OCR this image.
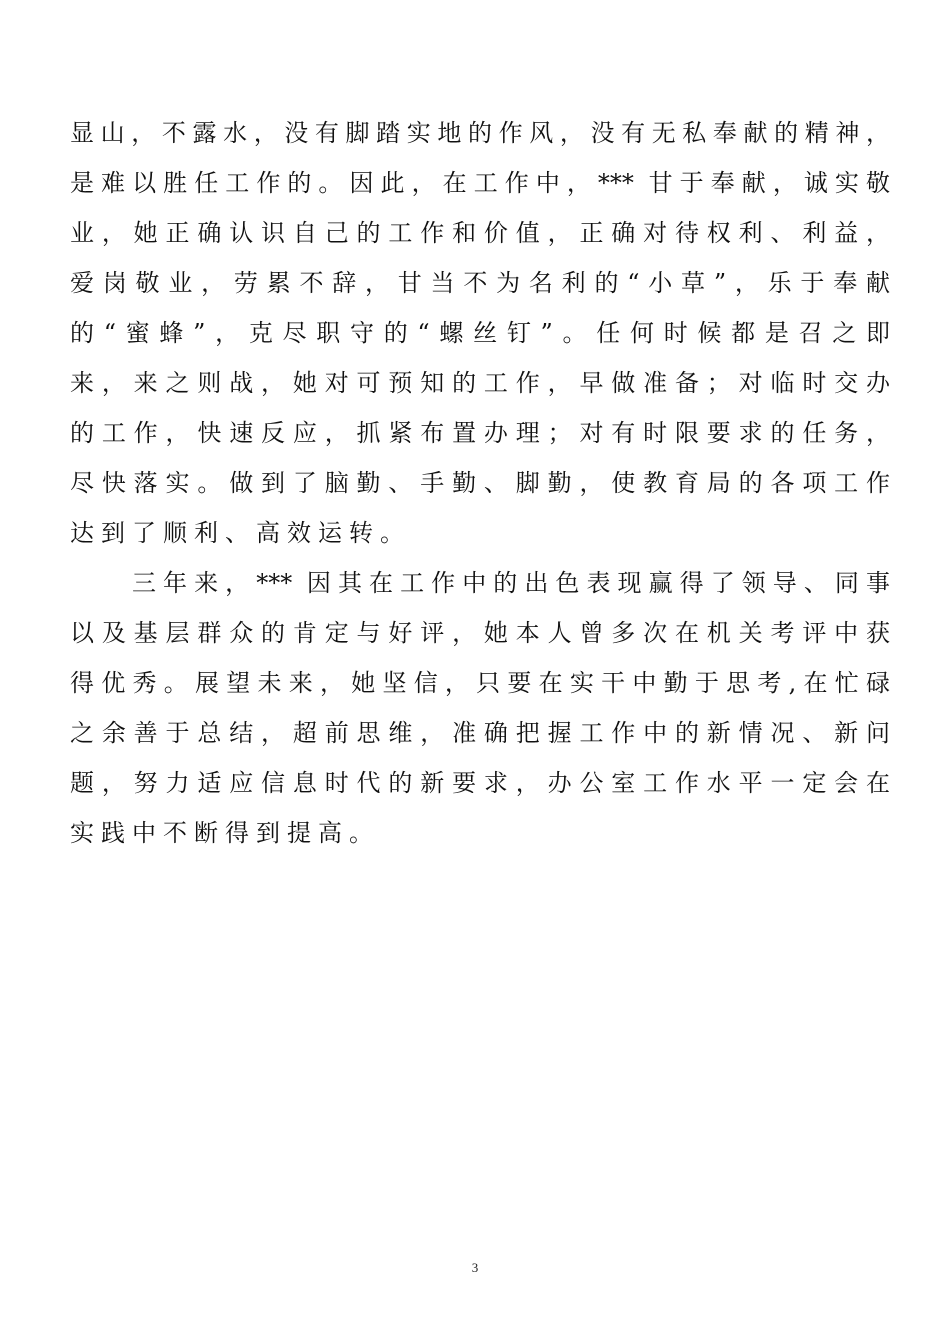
显山，不露水，没有脚踏实地的作风，没有无私奉献的精神，
是难以胜任工作的。因此，在工作中，*** 甘于奉献，诚实敬
业，她正确认识自己的工作和价值，正确对待权利、利益，
爱岗敬业，劳累不辞，甘当不为名利的“小草”，乐于奉献
的“蜜蜂”，克尽职守的“螺丝钉”。任何时候都是召之即
来，来之则战，她对可预知的工作，早做准备；对临时交办
的工作，快速反应，抓紧布置办理；对有时限要求的任务，
尽快落实。做到了脑勤、手勤、脚勤，使教育局的各项工作
达到了顺利、高效运转。
三年来，*** 因其在工作中的出色表现赢得了领导、同事
以及基层群众的肯定与好评，她本人曾多次在机关考评中获
得优秀。展望未来，她坚信，只要在实干中勤于思考,在忙碌
之余善于总结，超前思维，准确把握工作中的新情况、新问
题，努力适应信息时代的新要求，办公室工作水平一定会在
实践中不断得到提高。
3
